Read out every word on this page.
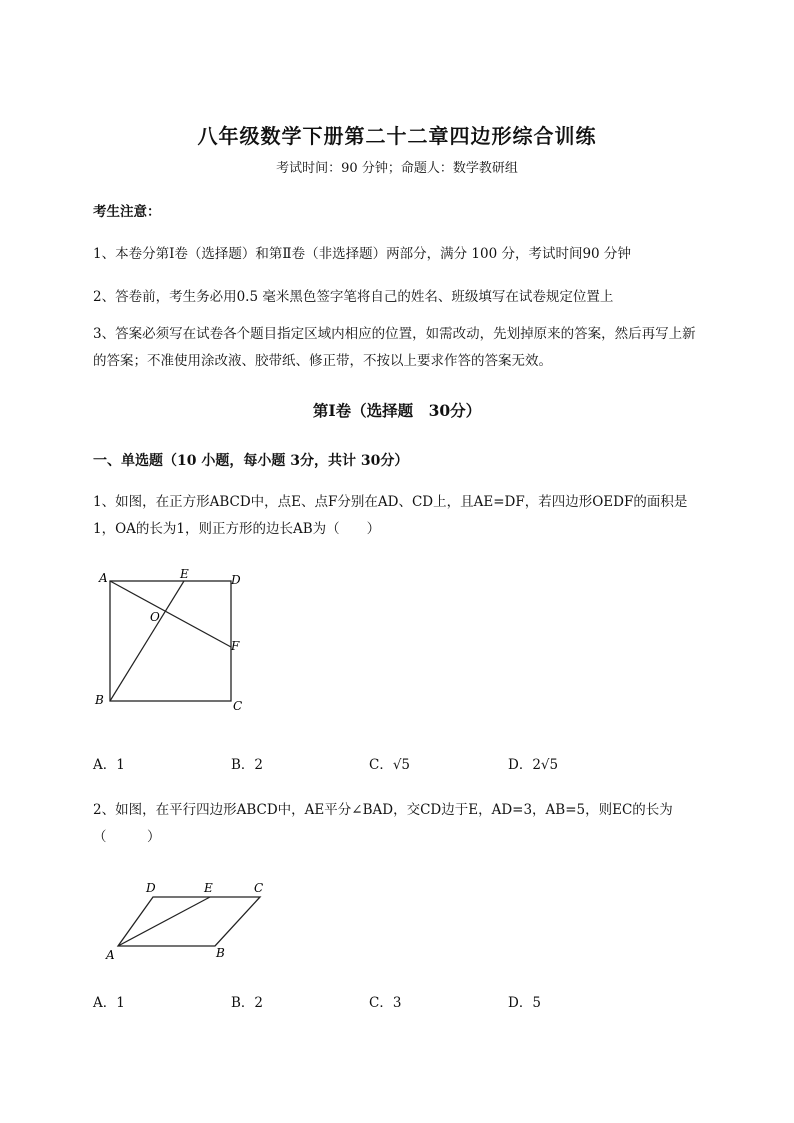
八年级数学下册第二十二章四边形综合训练
考试时间：90 分钟；命题人：数学教研组
考生注意：
1、本卷分第Ⅰ卷（选择题）和第Ⅱ卷（非选择题）两部分，满分 100 分，考试时间90 分钟
2、答卷前，考生务必用0.5 毫米黑色签字笔将自己的姓名、班级填写在试卷规定位置上
3、答案必须写在试卷各个题目指定区域内相应的位置，如需改动，先划掉原来的答案，然后再写上新的答案；不准使用涂改液、胶带纸、修正带，不按以上要求作答的答案无效。
第Ⅰ卷（选择题　30分）
一、单选题（10 小题，每小题 3分，共计 30分）
1、如图，在正方形ABCD中，点E、点F分别在AD、CD上，且AE=DF，若四边形OEDF的面积是1，OA的长为1，则正方形的边长AB为（　　）
A	E	D
O
F
B	C
A．1	B．2	C．√5	D．2√5
2、如图，在平行四边形ABCD中，AE平分∠BAD，交CD边于E，AD=3，AB=5，则EC的长为（　　　）
D	E	C
A	B
A．1	B．2	C．3	D．5
